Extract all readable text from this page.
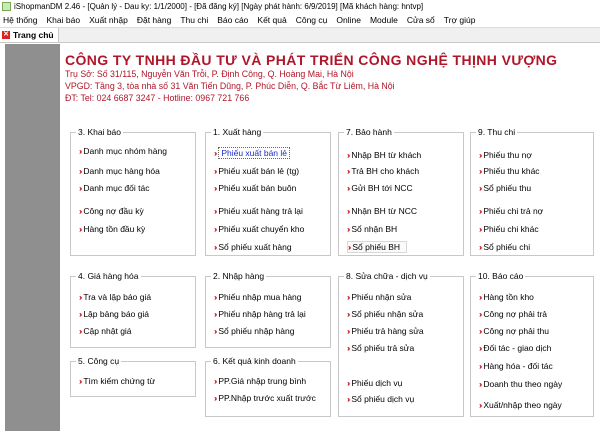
iShopmanDM 2.46 - [Quản lý - Dau ky: 1/1/2000] - [Đã đăng ký] [Ngày phát hành: 6/9/2019] [Mã khách hàng: hntvp]
Hệ thống Khai báo Xuất nhập Đặt hàng Thu chi Báo cáo Kết quả Công cụ Online Module Cửa sổ Trợ giúp
✕ Trang chủ
CÔNG TY TNHH ĐẦU TƯ VÀ PHÁT TRIỂN CÔNG NGHỆ THỊNH VƯỢNG
Trụ Sở: Số 31/115, Nguyễn Văn Trỗi, P. Định Công, Q. Hoàng Mai, Hà Nội
VPGD: Tầng 3, tòa nhà số 31 Văn Tiến Dũng, P. Phúc Diễn, Q. Bắc Từ Liêm, Hà Nội
ĐT: Tel: 024 6687 3247 - Hotline: 0967 721 766
3. Khai báo
›› Danh mục nhóm hàng
›› Danh mục hàng hóa
›› Danh mục đối tác
›› Công nợ đầu kỳ
›› Hàng tồn đầu kỳ
1. Xuất hàng
›› Phiếu xuất bán lẻ
›› Phiếu xuất bán lẻ (tg)
›› Phiếu xuất bán buôn
›› Phiếu xuất hàng trả lại
›› Phiếu xuất chuyển kho
›› Sổ phiếu xuất hàng
7. Bảo hành
›› Nhập BH từ khách
›› Trả BH cho khách
›› Gửi BH tới NCC
›› Nhận BH từ NCC
›› Sổ nhận BH
›› Sổ phiếu BH
9. Thu chi
›› Phiếu thu nợ
›› Phiếu thu khác
›› Sổ phiếu thu
›› Phiếu chi trả nợ
›› Phiếu chi khác
›› Sổ phiếu chi
4. Giá hàng hóa
›› Tra và lập báo giá
›› Lập bảng báo giá
›› Cập nhật giá
2. Nhập hàng
›› Phiếu nhập mua hàng
›› Phiếu nhập hàng trả lại
›› Sổ phiếu nhập hàng
8. Sửa chữa - dịch vụ
›› Phiếu nhận sửa
›› Sổ phiếu nhận sửa
›› Phiếu trả hàng sửa
›› Sổ phiếu trả sửa
›› Phiếu dịch vụ
›› Sổ phiếu dịch vụ
10. Báo cáo
›› Hàng tồn kho
›› Công nợ phải trả
›› Công nợ phải thu
›› Đối tác - giao dịch
›› Hàng hóa - đối tác
›› Doanh thu theo ngày
›› Xuất/nhập theo ngày
5. Công cụ
›› Tìm kiếm chứng từ
6. Kết quả kinh doanh
›› PP.Giá nhập trung bình
›› PP.Nhập trước xuất trước
